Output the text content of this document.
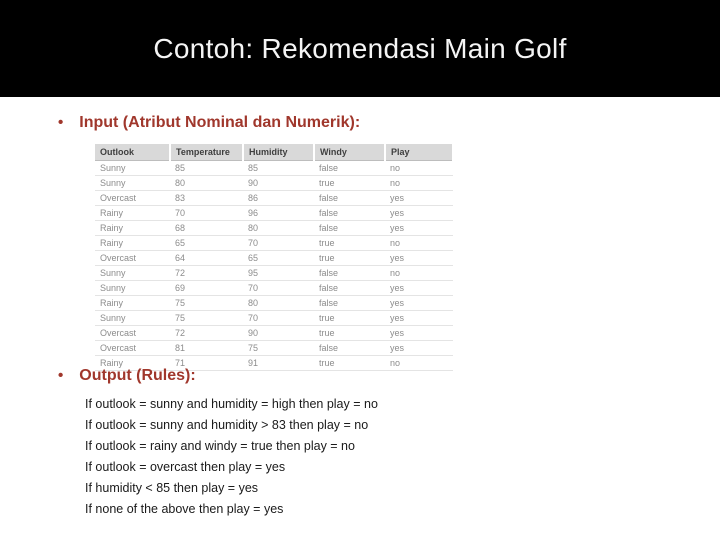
Contoh: Rekomendasi Main Golf
• Input (Atribut Nominal dan Numerik):
Outlook	Temperature	Humidity	Windy	Play
Sunny	85	85	false	no
Sunny	80	90	true	no
Overcast	83	86	false	yes
Rainy	70	96	false	yes
Rainy	68	80	false	yes
Rainy	65	70	true	no
Overcast	64	65	true	yes
Sunny	72	95	false	no
Sunny	69	70	false	yes
Rainy	75	80	false	yes
Sunny	75	70	true	yes
Overcast	72	90	true	yes
Overcast	81	75	false	yes
Rainy	71	91	true	no
• Output (Rules):
If outlook = sunny and humidity = high then play = no
If outlook = sunny and humidity > 83 then play = no
If outlook = rainy and windy = true then play = no
If outlook = overcast then play = yes
If humidity < 85 then play = yes
If none of the above then play = yes
